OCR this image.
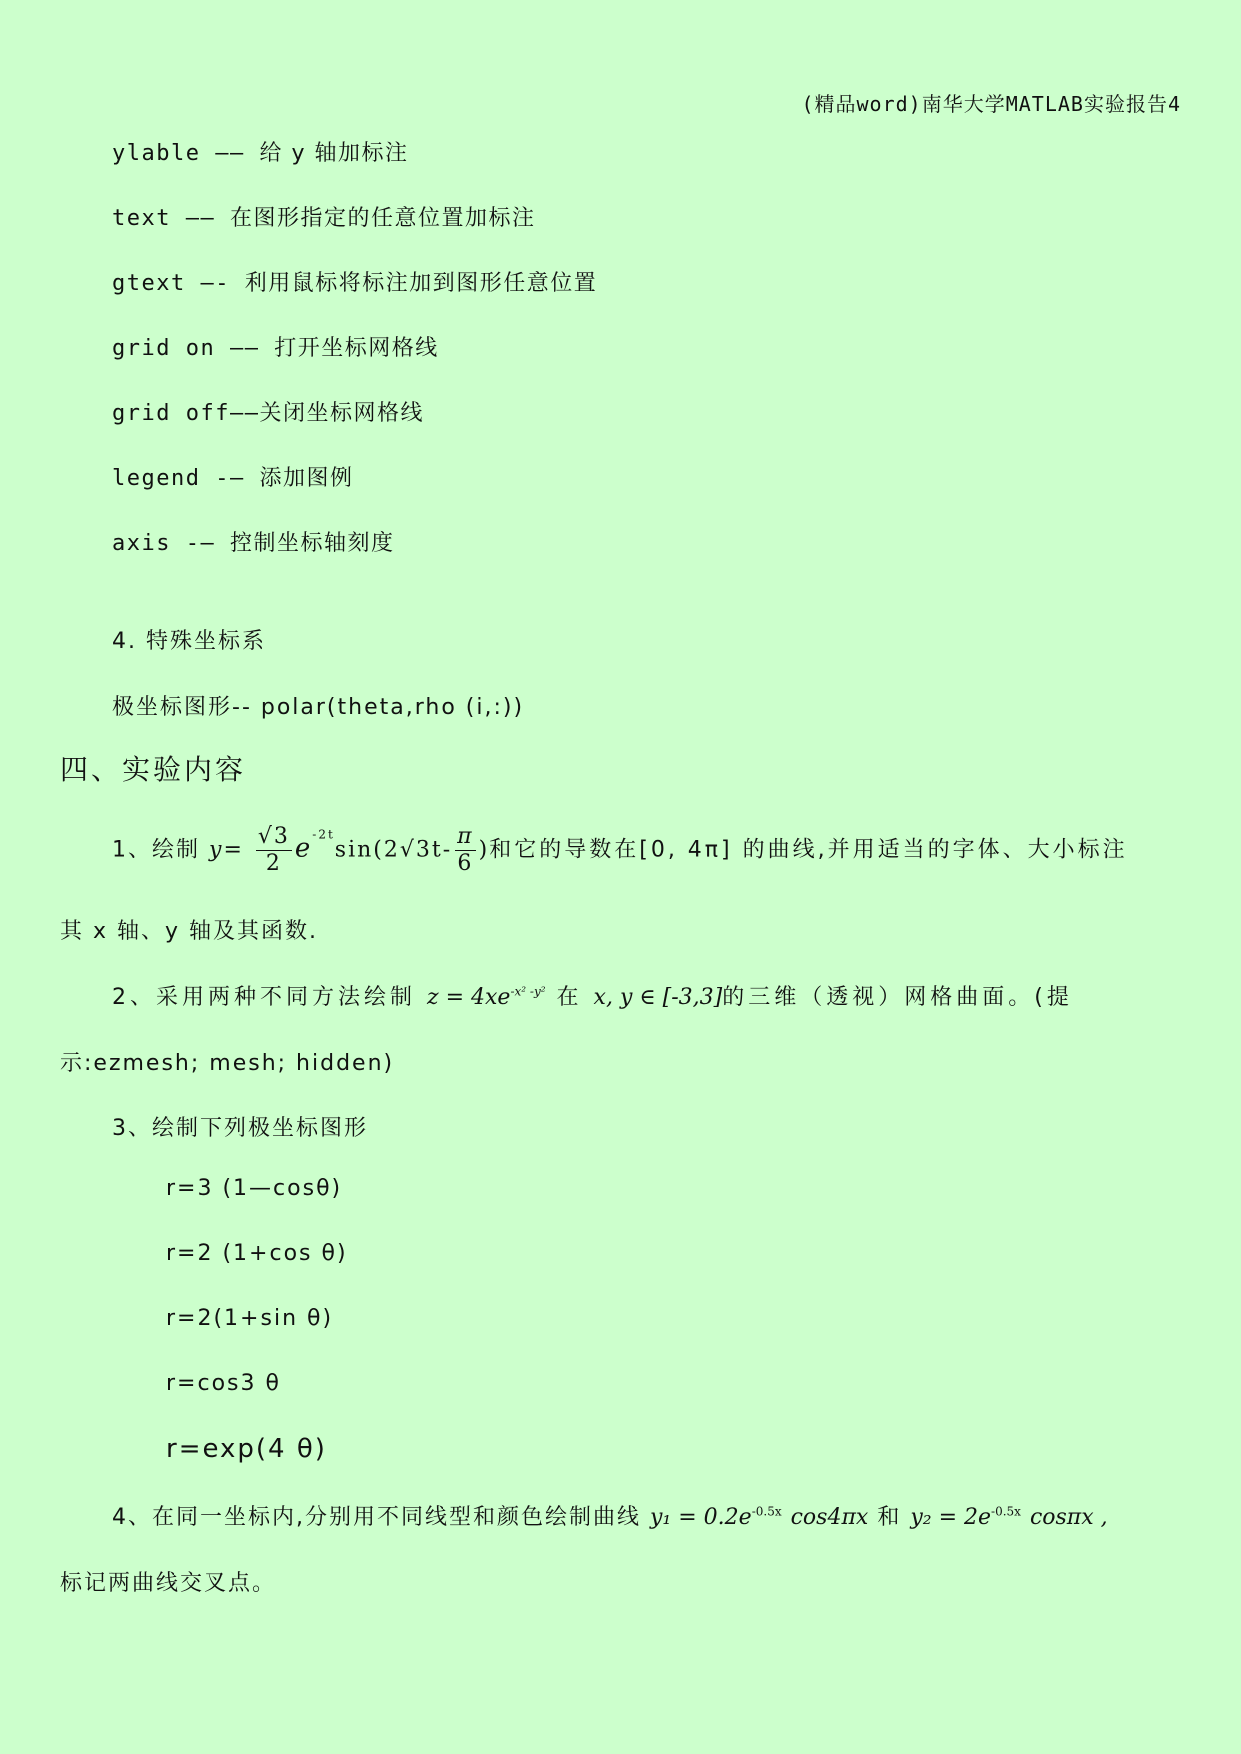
(精品word)南华大学MATLAB实验报告4
ylable —— 给 y 轴加标注
text —— 在图形指定的任意位置加标注
gtext —- 利用鼠标将标注加到图形任意位置
grid on —— 打开坐标网格线
grid off——关闭坐标网格线
legend -— 添加图例
axis -— 控制坐标轴刻度
4. 特殊坐标系
极坐标图形-- polar(theta,rho (i,:))
四、实验内容
1、绘制 $y= \frac{√3}{2} e^{-2t}\sin(2√3t- \frac{\pi}{6}$ )和它的导数在[0, 4π] 的曲线,并用适当的字体、大小标注
其 x 轴、y 轴及其函数.
2、采用两种不同方法绘制 $z = 4xe^{-x^2 -y^2}$ 在 x, y ∈ [-3,3]的三维（透视）网格曲面。(提
示:ezmesh; mesh; hidden)
3、绘制下列极坐标图形
r=3 (1—cosθ)
r=2 (1+cos θ)
r=2(1+sin θ)
r=cos3 θ
r=exp(4 θ)
4、在同一坐标内,分别用不同线型和颜色绘制曲线 $y_1 = 0.2e^{-0.5x}$ cos4πx 和 $y_2 = 2e^{-0.5x}$ cosπx ,
标记两曲线交叉点。
